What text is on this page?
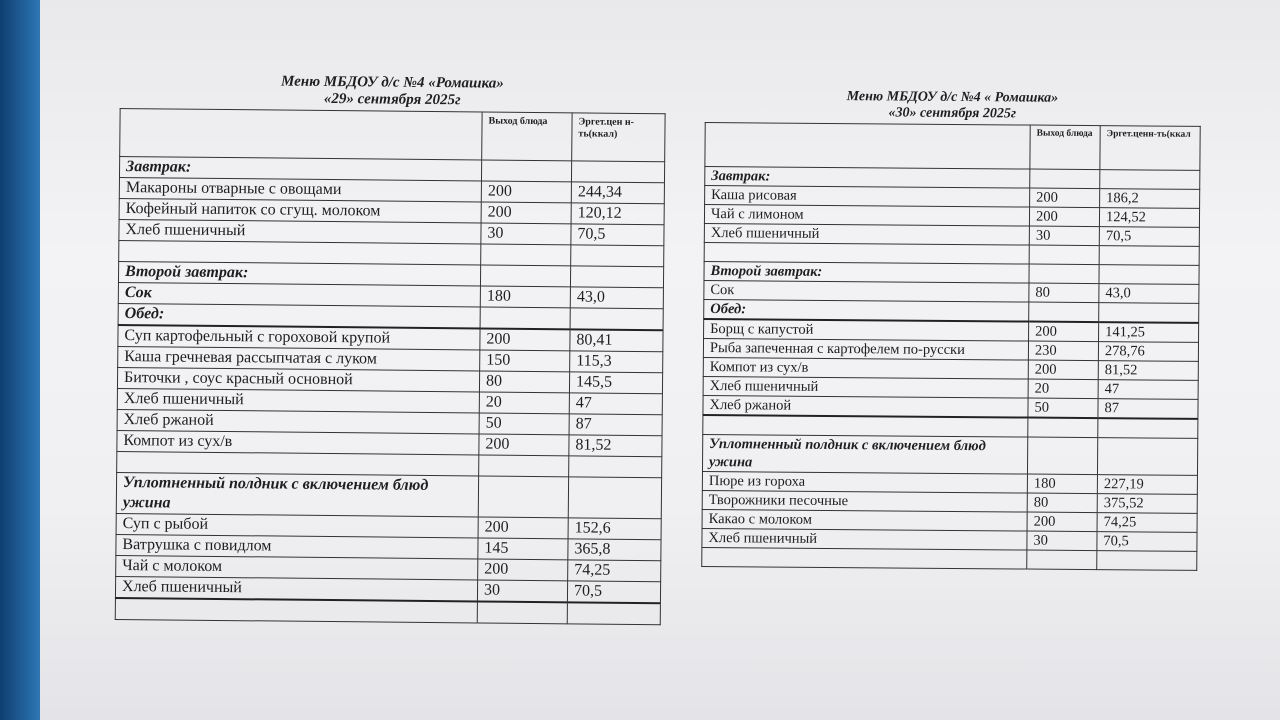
Меню МБДОУ д/с №4 «Ромашка»
«29» сентября 2025г
	Выход блюда	Эргет.цен н-ть(ккал)
Завтрак:		
Макароны отварные с овощами	200	244,34
Кофейный напиток со сгущ. молоком	200	120,12
Хлеб пшеничный	30	70,5

Второй завтрак:		
Сок	180	43,0
Обед:		
Суп картофельный с гороховой крупой	200	80,41
Каша гречневая рассыпчатая с луком	150	115,3
Биточки , соус красный основной	80	145,5
Хлеб пшеничный	20	47
Хлеб ржаной	50	87
Компот из сух/в	200	81,52

Уплотненный полдник с включением блюд ужина		
Суп с рыбой	200	152,6
Ватрушка с повидлом	145	365,8
Чай с молоком	200	74,25
Хлеб пшеничный	30	70,5

Меню МБДОУ д/с №4 « Ромашка»
«30» сентября 2025г
	Выход блюда	Эргет.ценн-ть(ккал
Завтрак:		
Каша рисовая	200	186,2
Чай с лимоном	200	124,52
Хлеб пшеничный	30	70,5

Второй завтрак:		
Сок	80	43,0
Обед:		
Борщ с капустой	200	141,25
Рыба запеченная с картофелем по-русски	230	278,76
Компот из сух/в	200	81,52
Хлеб пшеничный	20	47
Хлеб ржаной	50	87

Уплотненный полдник с включением блюд ужина		
Пюре из гороха	180	227,19
Творожники песочные	80	375,52
Какао с молоком	200	74,25
Хлеб пшеничный	30	70,5
